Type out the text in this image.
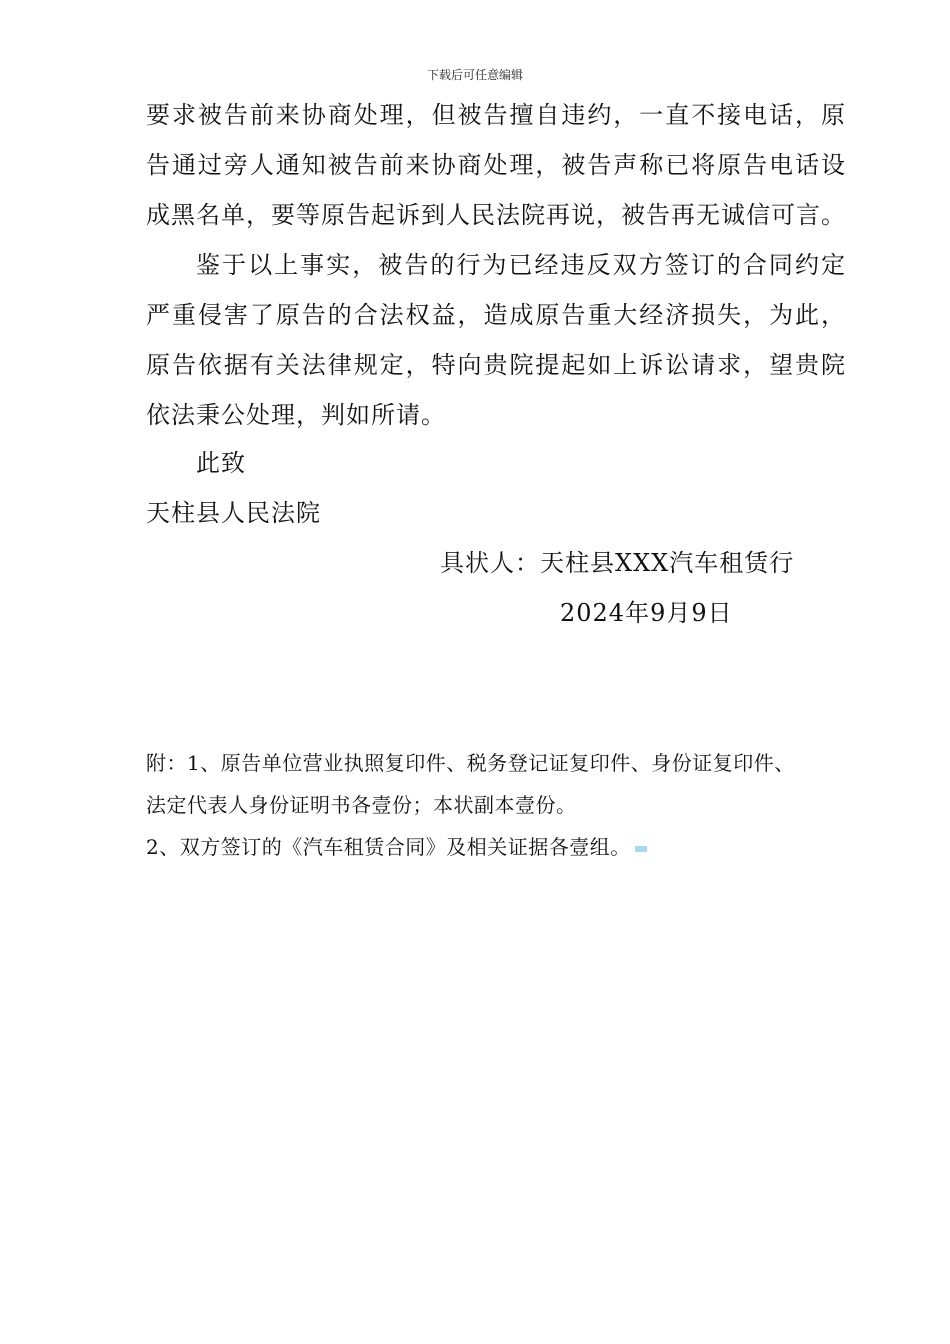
下载后可任意编辑
要求被告前来协商处理，但被告擅自违约，一直不接电话，原
告通过旁人通知被告前来协商处理，被告声称已将原告电话设
成黑名单，要等原告起诉到人民法院再说，被告再无诚信可言。
鉴于以上事实，被告的行为已经违反双方签订的合同约定
严重侵害了原告的合法权益，造成原告重大经济损失，为此，
原告依据有关法律规定，特向贵院提起如上诉讼请求，望贵院
依法秉公处理，判如所请。
此致
天柱县人民法院
具状人：天柱县XXX汽车租赁行
2024年9月9日
附：1、原告单位营业执照复印件、税务登记证复印件、身份证复印件、
法定代表人身份证明书各壹份；本状副本壹份。
2、双方签订的《汽车租赁合同》及相关证据各壹组。
